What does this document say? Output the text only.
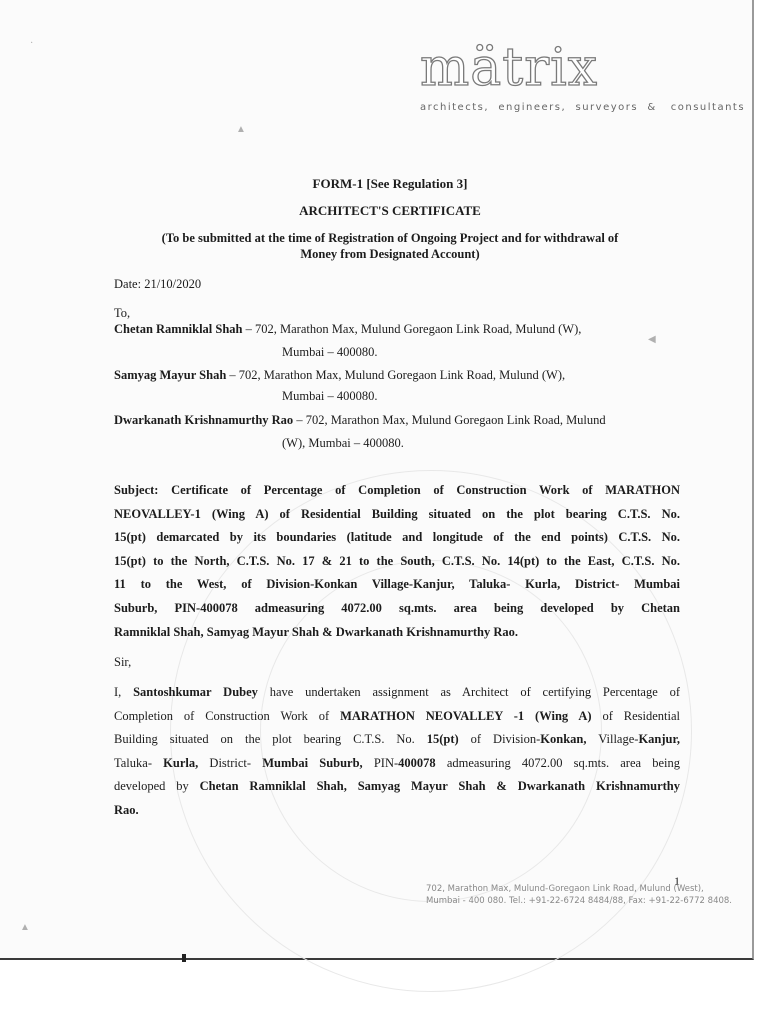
▲
◀
▲
·	mätrix
architects,  engineers,  surveyors  &   consultants
FORM-1 [See Regulation 3]
ARCHITECT'S CERTIFICATE
(To be submitted at the time of Registration of Ongoing Project and for withdrawal of
Money from Designated Account)
Date: 21/10/2020
To,
Chetan Ramniklal Shah – 702, Marathon Max, Mulund Goregaon Link Road, Mulund (W),
Mumbai – 400080.
Samyag Mayur Shah – 702, Marathon Max, Mulund Goregaon Link Road, Mulund (W),
Mumbai – 400080.
Dwarkanath Krishnamurthy Rao – 702, Marathon Max, Mulund Goregaon Link Road, Mulund
(W), Mumbai – 400080.
Subject: Certificate of Percentage of Completion of Construction Work of MARATHON
NEOVALLEY-1 (Wing A) of Residential Building situated on the plot bearing C.T.S. No.
15(pt) demarcated by its boundaries (latitude and longitude of the end points) C.T.S. No.
15(pt) to the North, C.T.S. No. 17 & 21 to the South, C.T.S. No. 14(pt) to the East, C.T.S. No.
11 to the West, of Division-Konkan Village-Kanjur, Taluka- Kurla, District- Mumbai
Suburb, PIN-400078 admeasuring 4072.00 sq.mts. area being developed by Chetan
Ramniklal Shah, Samyag Mayur Shah & Dwarkanath Krishnamurthy Rao.
Sir,
I, Santoshkumar Dubey have undertaken assignment as Architect of certifying Percentage of
Completion of Construction Work of MARATHON NEOVALLEY -1 (Wing A) of Residential
Building situated on the plot bearing C.T.S. No. 15(pt) of Division-Konkan, Village-Kanjur,
Taluka- Kurla, District- Mumbai Suburb, PIN-400078 admeasuring 4072.00 sq.mts. area being
developed by Chetan Ramniklal Shah, Samyag Mayur Shah & Dwarkanath Krishnamurthy
Rao.
1
702, Marathon Max, Mulund-Goregaon Link Road, Mulund (West),
Mumbai - 400 080. Tel.: +91-22-6724 8484/88, Fax: +91-22-6772 8408.
